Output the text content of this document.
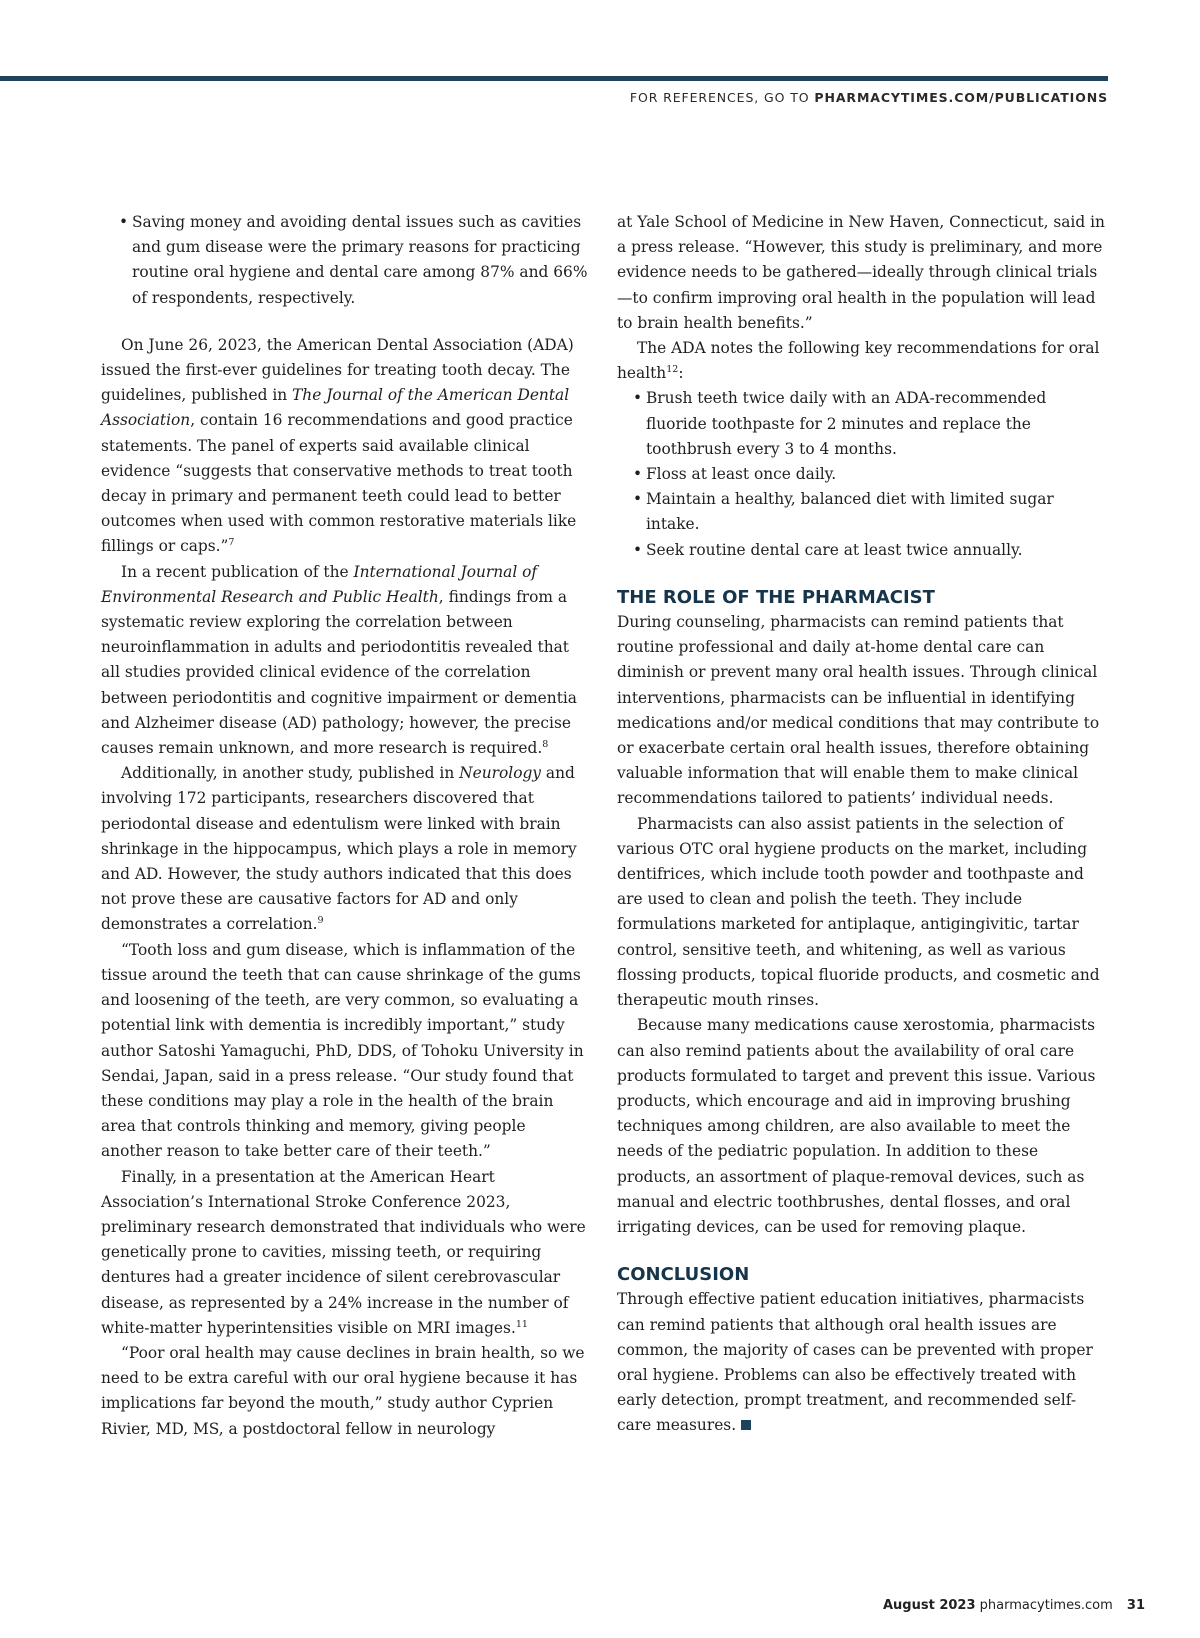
FOR REFERENCES, GO TO PHARMACYTIMES.COM/PUBLICATIONS
• Saving money and avoiding dental issues such as cavities and gum disease were the primary reasons for practicing routine oral hygiene and dental care among 87% and 66% of respondents, respectively.

On June 26, 2023, the American Dental Association (ADA) issued the first-ever guidelines for treating tooth decay. The guidelines, published in The Journal of the American Dental Association, contain 16 recommendations and good practice statements. The panel of experts said available clinical evidence “suggests that conservative methods to treat tooth decay in primary and permanent teeth could lead to better outcomes when used with common restorative materials like fillings or caps.”$^7$

In a recent publication of the International Journal of Environmental Research and Public Health, findings from a systematic review exploring the correlation between neuroinflammation in adults and periodontitis revealed that all studies provided clinical evidence of the correlation between periodontitis and cognitive impairment or dementia and Alzheimer disease (AD) pathology; however, the precise causes remain unknown, and more research is required.$^8$

Additionally, in another study, published in Neurology and involving 172 participants, researchers discovered that periodontal disease and edentulism were linked with brain shrinkage in the hippocampus, which plays a role in memory and AD. However, the study authors indicated that this does not prove these are causative factors for AD and only demonstrates a correlation.$^9$

“Tooth loss and gum disease, which is inflammation of the tissue around the teeth that can cause shrinkage of the gums and loosening of the teeth, are very common, so evaluating a potential link with dementia is incredibly important,” study author Satoshi Yamaguchi, PhD, DDS, of Tohoku University in Sendai, Japan, said in a press release. “Our study found that these conditions may play a role in the health of the brain area that controls thinking and memory, giving people another reason to take better care of their teeth.”

Finally, in a presentation at the American Heart Association’s International Stroke Conference 2023, preliminary research demonstrated that individuals who were genetically prone to cavities, missing teeth, or requiring dentures had a greater incidence of silent cerebrovascular disease, as represented by a 24% increase in the number of white-matter hyperintensities visible on MRI images.$^{11}$

“Poor oral health may cause declines in brain health, so we need to be extra careful with our oral hygiene because it has implications far beyond the mouth,” study author Cyprien Rivier, MD, MS, a postdoctoral fellow in neurology

at Yale School of Medicine in New Haven, Connecticut, said in a press release. “However, this study is preliminary, and more evidence needs to be gathered—ideally through clinical trials—to confirm improving oral health in the population will lead to brain health benefits.”

The ADA notes the following key recommendations for oral health$^{12}$:

• Brush teeth twice daily with an ADA-recommended fluoride toothpaste for 2 minutes and replace the toothbrush every 3 to 4 months.
• Floss at least once daily.
• Maintain a healthy, balanced diet with limited sugar intake.
• Seek routine dental care at least twice annually.
THE ROLE OF THE PHARMACIST

During counseling, pharmacists can remind patients that routine professional and daily at-home dental care can diminish or prevent many oral health issues. Through clinical interventions, pharmacists can be influential in identifying medications and/or medical conditions that may contribute to or exacerbate certain oral health issues, therefore obtaining valuable information that will enable them to make clinical recommendations tailored to patients’ individual needs.

Pharmacists can also assist patients in the selection of various OTC oral hygiene products on the market, including dentifrices, which include tooth powder and toothpaste and are used to clean and polish the teeth. They include formulations marketed for antiplaque, antigingivitic, tartar control, sensitive teeth, and whitening, as well as various flossing products, topical fluoride products, and cosmetic and therapeutic mouth rinses.

Because many medications cause xerostomia, pharmacists can also remind patients about the availability of oral care products formulated to target and prevent this issue. Various products, which encourage and aid in improving brushing techniques among children, are also available to meet the needs of the pediatric population. In addition to these products, an assortment of plaque-removal devices, such as manual and electric toothbrushes, dental flosses, and oral irrigating devices, can be used for removing plaque.

CONCLUSION

Through effective patient education initiatives, pharmacists can remind patients that although oral health issues are common, the majority of cases can be prevented with proper oral hygiene. Problems can also be effectively treated with early detection, prompt treatment, and recommended self-care measures.

August 2023 pharmacytimes.com 31
